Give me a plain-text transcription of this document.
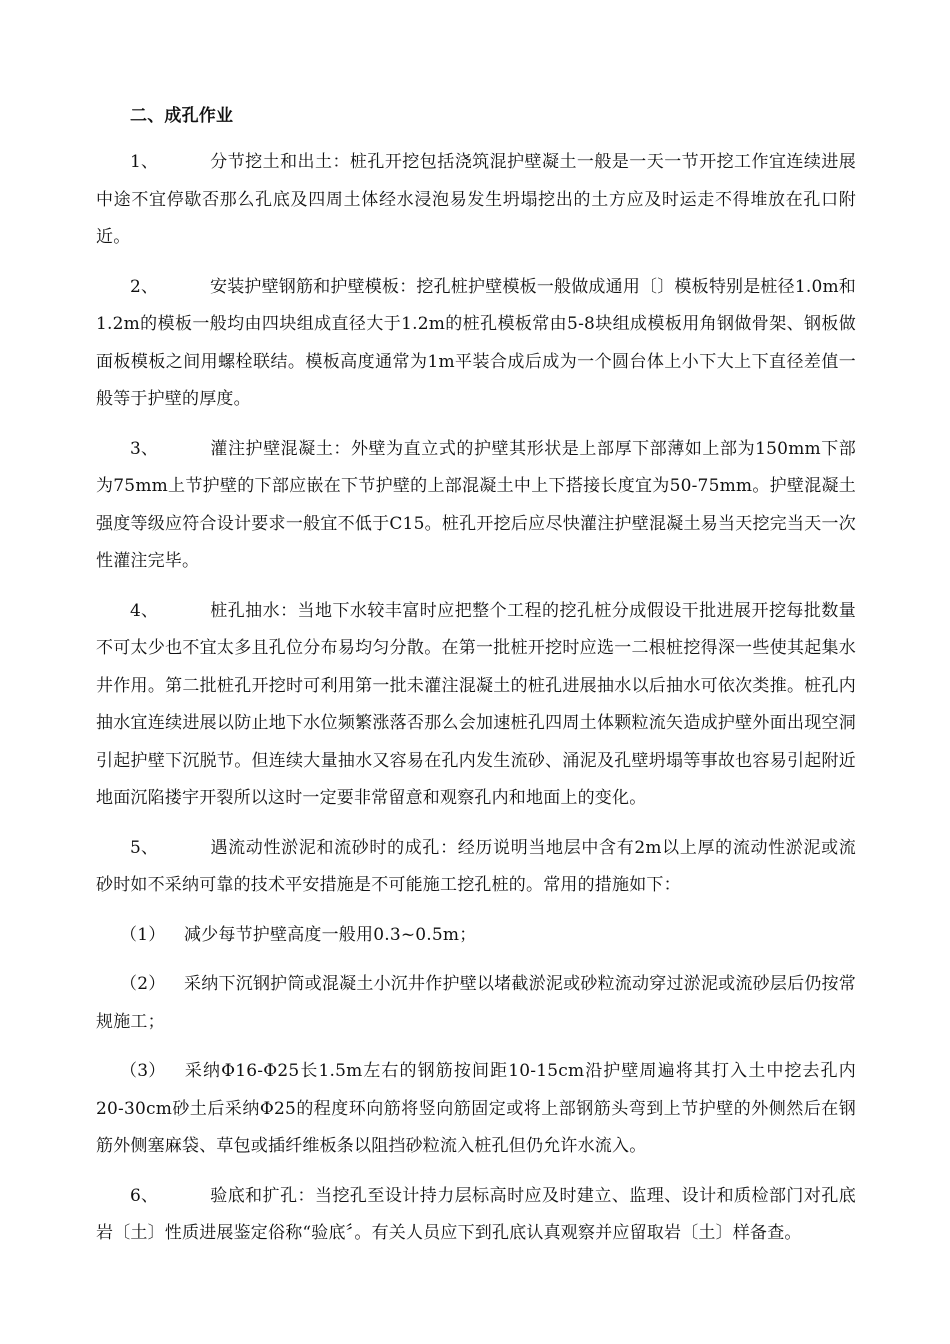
二、成孔作业

1、	分节挖土和出土：桩孔开挖包括浇筑混护壁凝土一般是一天一节开挖工作宜连续进展中途不宜停歇否那么孔底及四周土体经水浸泡易发生坍塌挖出的土方应及时运走不得堆放在孔口附近。

2、	安装护壁钢筋和护壁模板：挖孔桩护壁模板一般做成通用〔〕模板特别是桩径1.0m和1.2m的模板一般均由四块组成直径大于1.2m的桩孔模板常由5-8块组成模板用角钢做骨架、钢板做面板模板之间用螺栓联结。模板高度通常为1m平装合成后成为一个圆台体上小下大上下直径差值一般等于护壁的厚度。

3、	灌注护壁混凝土：外壁为直立式的护壁其形状是上部厚下部薄如上部为150mm下部为75mm上节护壁的下部应嵌在下节护壁的上部混凝土中上下搭接长度宜为50-75mm。护壁混凝土强度等级应符合设计要求一般宜不低于C15。桩孔开挖后应尽快灌注护壁混凝土易当天挖完当天一次性灌注完毕。

4、	桩孔抽水：当地下水较丰富时应把整个工程的挖孔桩分成假设干批进展开挖每批数量不可太少也不宜太多且孔位分布易均匀分散。在第一批桩开挖时应选一二根桩挖得深一些使其起集水井作用。第二批桩孔开挖时可利用第一批未灌注混凝土的桩孔进展抽水以后抽水可依次类推。桩孔内抽水宜连续进展以防止地下水位频繁涨落否那么会加速桩孔四周土体颗粒流矢造成护壁外面出现空洞引起护壁下沉脱节。但连续大量抽水又容易在孔内发生流砂、涌泥及孔壁坍塌等事故也容易引起附近地面沉陷搂宇开裂所以这时一定要非常留意和观察孔内和地面上的变化。

5、	遇流动性淤泥和流砂时的成孔：经历说明当地层中含有2m以上厚的流动性淤泥或流砂时如不采纳可靠的技术平安措施是不可能施工挖孔桩的。常用的措施如下：

（1） 减少每节护壁高度一般用0.3~0.5m；

（2） 采纳下沉钢护筒或混凝土小沉井作护壁以堵截淤泥或砂粒流动穿过淤泥或流砂层后仍按常规施工；

（3） 采纳Φ16-Φ25长1.5m左右的钢筋按间距10-15cm沿护壁周遍将其打入土中挖去孔内20-30cm砂土后采纳Φ25的程度环向筋将竖向筋固定或将上部钢筋头弯到上节护壁的外侧然后在钢筋外侧塞麻袋、草包或插纤维板条以阻挡砂粒流入桩孔但仍允许水流入。

6、	验底和扩孔：当挖孔至设计持力层标高时应及时建立、监理、设计和质检部门对孔底岩〔土〕性质进展鉴定俗称“验底〞。有关人员应下到孔底认真观察并应留取岩〔土〕样备查。
